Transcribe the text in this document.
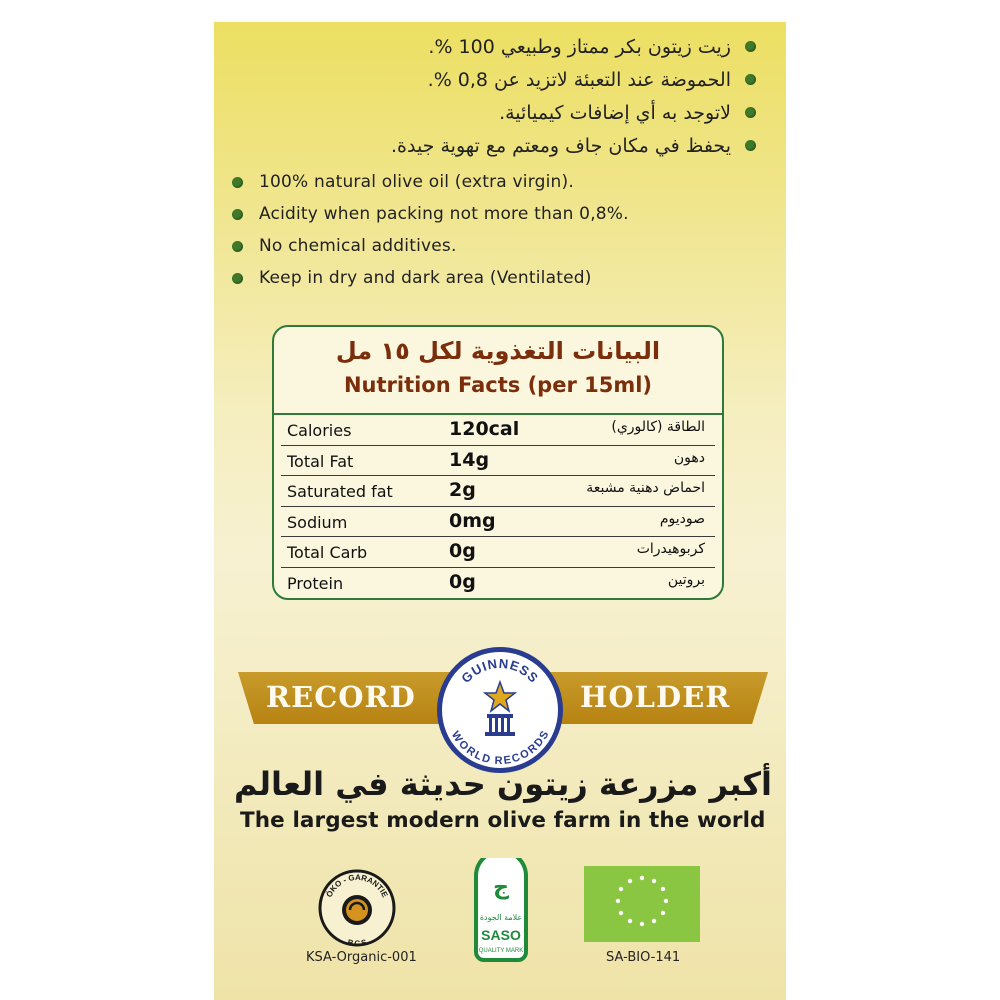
زيت زيتون بكر ممتاز وطبيعي 100 %.
الحموضة عند التعبئة لاتزيد عن 0,8 %.
لاتوجد به أي إضافات كيميائية.
يحفظ في مكان جاف ومعتم مع تهوية جيدة.
100% natural olive oil (extra virgin).
Acidity when packing not more than 0,8%.
No chemical additives.
Keep in dry and dark area (Ventilated)
البيانات التغذوية لكل ١٥ مل
Nutrition Facts (per 15ml)
Calories	120cal	الطاقة (كالوري)
Total Fat	14g	دهون
Saturated fat	2g	احماض دهنية مشبعة
Sodium	0mg	صوديوم
Total Carb	0g	كربوهيدرات
Protein	0g	بروتين
RECORD	HOLDER
GUINNESS
WORLD RECORDS
أكبر مزرعة زيتون حديثة في العالم
The largest modern olive farm in the world
ÖKO - GARANTIE
BCS
KSA-Organic-001
ج
علامة الجودة
SASO
QUALITY MARK	SA-BIO-141
